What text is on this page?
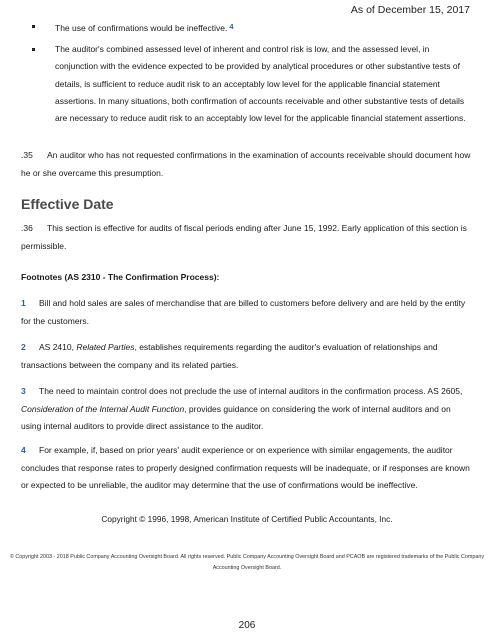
As of December 15, 2017
The use of confirmations would be ineffective. 4
The auditor's combined assessed level of inherent and control risk is low, and the assessed level, in conjunction with the evidence expected to be provided by analytical procedures or other substantive tests of details, is sufficient to reduce audit risk to an acceptably low level for the applicable financial statement assertions. In many situations, both confirmation of accounts receivable and other substantive tests of details are necessary to reduce audit risk to an acceptably low level for the applicable financial statement assertions.

.35 An auditor who has not requested confirmations in the examination of accounts receivable should document how he or she overcame this presumption.

Effective Date

.36 This section is effective for audits of fiscal periods ending after June 15, 1992. Early application of this section is permissible.

Footnotes (AS 2310 - The Confirmation Process):

1 Bill and hold sales are sales of merchandise that are billed to customers before delivery and are held by the entity for the customers.

2 AS 2410, Related Parties, establishes requirements regarding the auditor's evaluation of relationships and transactions between the company and its related parties.

3 The need to maintain control does not preclude the use of internal auditors in the confirmation process. AS 2605, Consideration of the Internal Audit Function, provides guidance on considering the work of internal auditors and on using internal auditors to provide direct assistance to the auditor.

4 For example, if, based on prior years' audit experience or on experience with similar engagements, the auditor concludes that response rates to properly designed confirmation requests will be inadequate, or if responses are known or expected to be unreliable, the auditor may determine that the use of confirmations would be ineffective.

Copyright © 1996, 1998, American Institute of Certified Public Accountants, Inc.

© Copyright 2003 - 2018 Public Company Accounting Oversight Board. All rights reserved. Public Company Accounting Oversight Board and PCAOB are registered trademarks of the Public Company Accounting Oversight Board.

206
